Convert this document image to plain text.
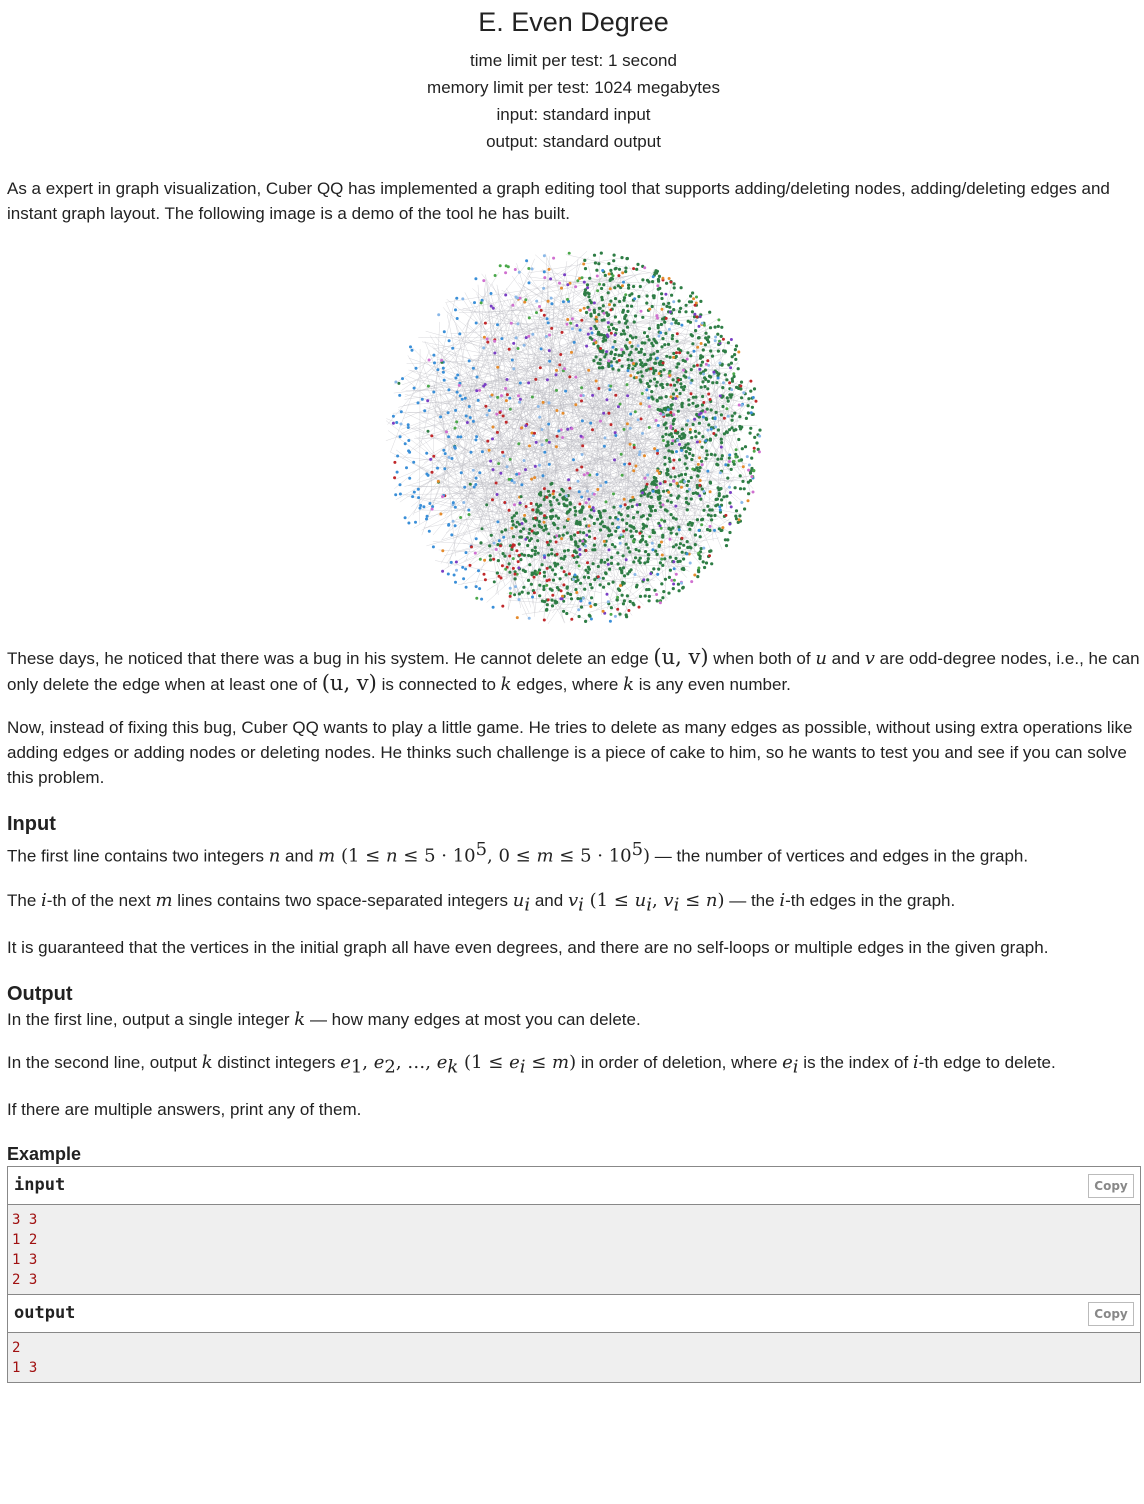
E. Even Degree
time limit per test: 1 second
memory limit per test: 1024 megabytes
input: standard input
output: standard output

As a expert in graph visualization, Cuber QQ has implemented a graph editing tool that supports adding/deleting nodes, adding/deleting edges and instant graph layout. The following image is a demo of the tool he has built.

These days, he noticed that there was a bug in his system. He cannot delete an edge (u, v) when both of u and v are odd-degree nodes, i.e., he can only delete the edge when at least one of (u, v) is connected to k edges, where k is any even number.

Now, instead of fixing this bug, Cuber QQ wants to play a little game. He tries to delete as many edges as possible, without using extra operations like adding edges or adding nodes or deleting nodes. He thinks such challenge is a piece of cake to him, so he wants to test you and see if you can solve this problem.

Input

The first line contains two integers n and m ($1 \le n \le 5 \cdot 10^5$, $0 \le m \le 5 \cdot 10^5$) — the number of vertices and edges in the graph.

The i-th of the next m lines contains two space-separated integers $u_i$ and $v_i$ ($1 \le u_i$, $v_i \le n$) — the i-th edges in the graph.

It is guaranteed that the vertices in the initial graph all have even degrees, and there are no self-loops or multiple edges in the given graph.

Output

In the first line, output a single integer k — how many edges at most you can delete.

In the second line, output k distinct integers $e_1$, $e_2$, …, $e_k$ $(1 \le e_i \le m)$ in order of deletion, where $e_i$ is the index of i-th edge to delete.

If there are multiple answers, print any of them.

Example
input	Copy
3 3
1 2
1 3
2 3
output	Copy
2
1 3
